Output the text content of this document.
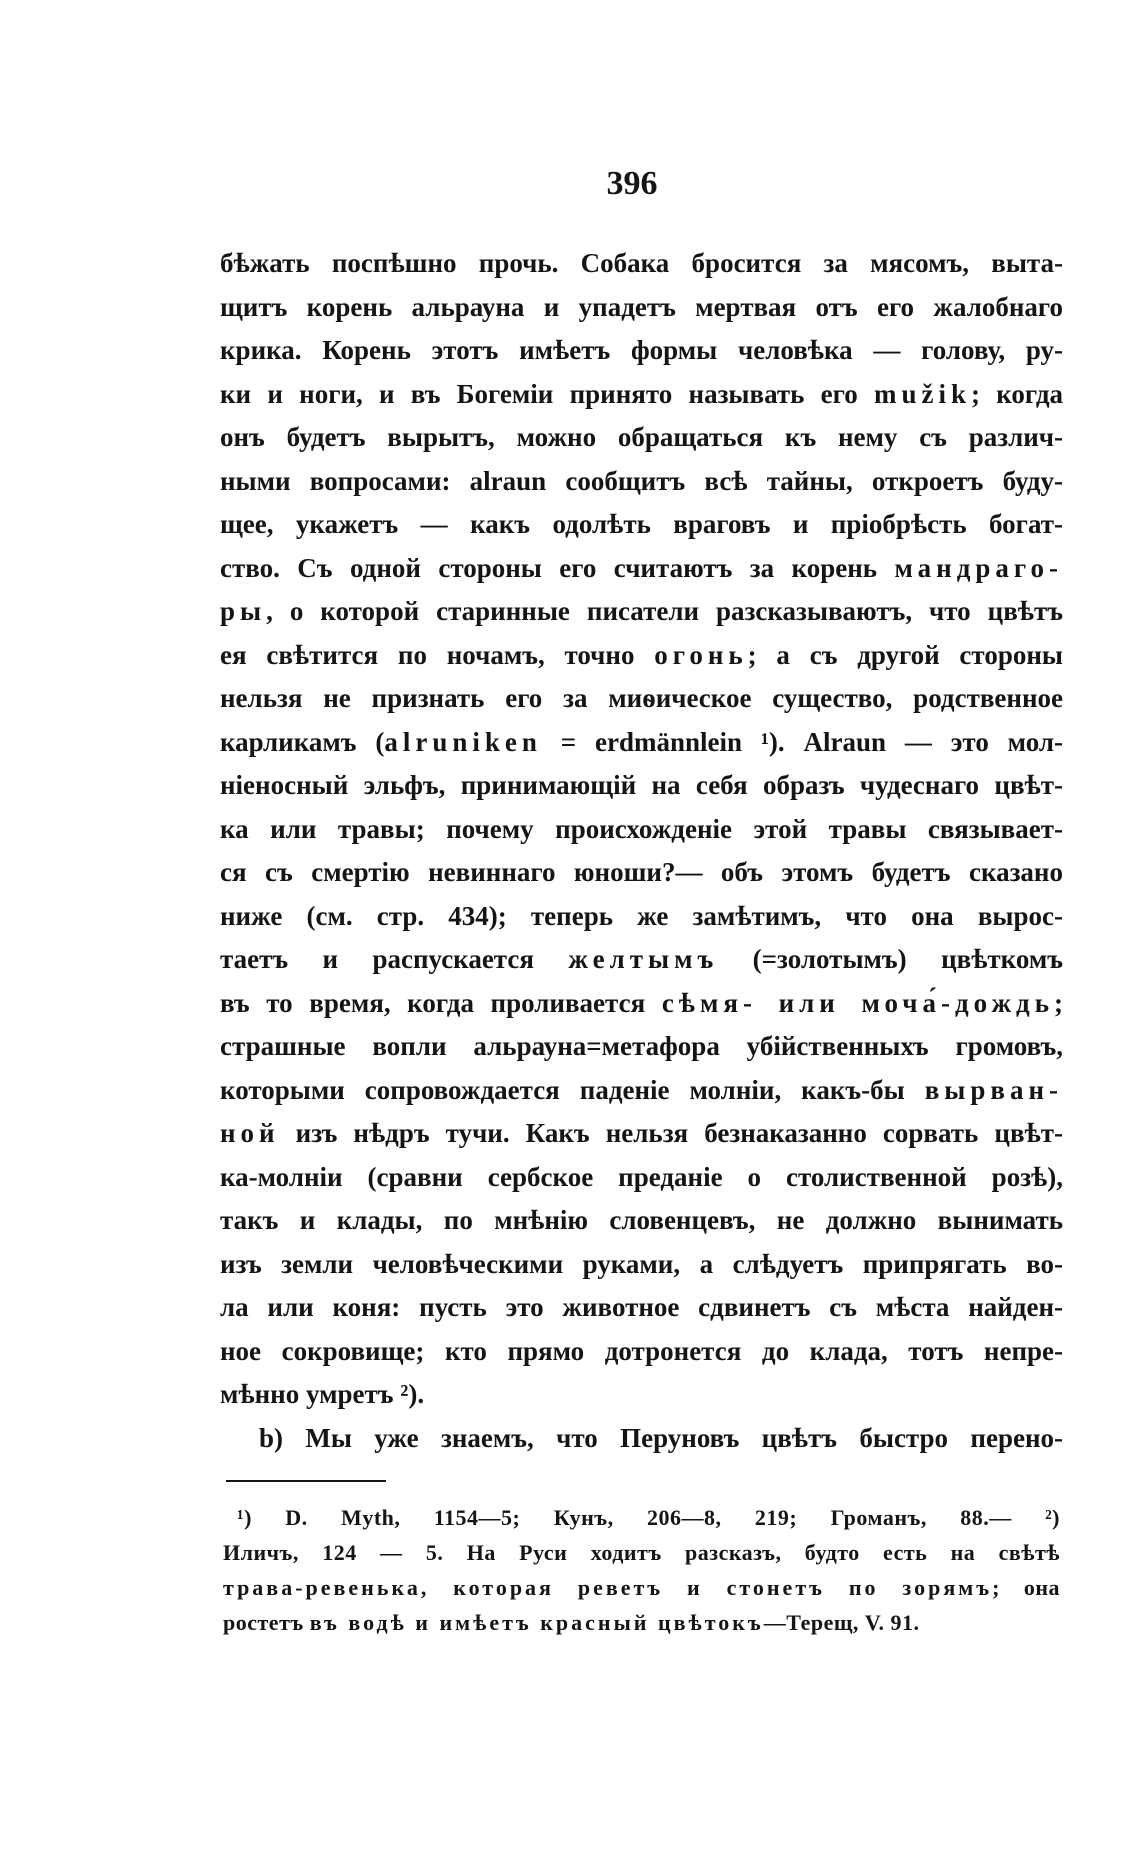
396
бѣжать поспѣшно прочь. Собака бросится за мясомъ, выта-
щитъ корень альрауна и упадетъ мертвая отъ его жалобнаго
крика. Корень этотъ имѣетъ формы человѣка — голову, ру-
ки и ноги, и въ Богеміи принято называть его mužik; когда
онъ будетъ вырытъ, можно обращаться къ нему съ различ-
ными вопросами: alraun сообщитъ всѣ тайны, откроетъ буду-
щее, укажетъ — какъ одолѣть враговъ и пріобрѣсть богат-
ство. Съ одной стороны его считаютъ за корень мандраго-
ры, о которой старинные писатели разсказываютъ, что цвѣтъ
ея свѣтится по ночамъ, точно огонь; а съ другой стороны
нельзя не признать его за миѳическое существо, родственное
карликамъ (alruniken = erdmännlein ¹). Alraun — это мол-
ніеносный эльфъ, принимающій на себя образъ чудеснаго цвѣт-
ка или травы; почему происхожденіе этой травы связывает-
ся съ смертію невиннаго юноши?— объ этомъ будетъ сказано
ниже (см. стр. 434); теперь же замѣтимъ, что она вырос-
таетъ и распускается желтымъ (=золотымъ) цвѣткомъ
въ то время, когда проливается сѣмя- или моча́-дождь;
страшные вопли альрауна=метафора убійственныхъ громовъ,
которыми сопровождается паденіе молніи, какъ-бы вырван-
ной изъ нѣдръ тучи. Какъ нельзя безнаказанно сорвать цвѣт-
ка-молніи (сравни сербское преданіе о столиственной розѣ),
такъ и клады, по мнѣнію словенцевъ, не должно вынимать
изъ земли человѣческими руками, а слѣдуетъ припрягать во-
ла или коня: пусть это животное сдвинетъ съ мѣста найден-
ное сокровище; кто прямо дотронется до клада, тотъ непре-
мѣнно умретъ ²).
b) Мы уже знаемъ, что Перуновъ цвѣтъ быстро перено-
¹) D. Myth, 1154—5; Кунъ, 206—8, 219; Громанъ, 88.— ²)
Иличъ, 124 — 5. На Руси ходитъ разсказъ, будто есть на свѣтѣ
трава-ревенька, которая реветъ и стонетъ по зорямъ; она
ростетъ въ водѣ и имѣетъ красный цвѣтокъ—Терещ, V. 91.
